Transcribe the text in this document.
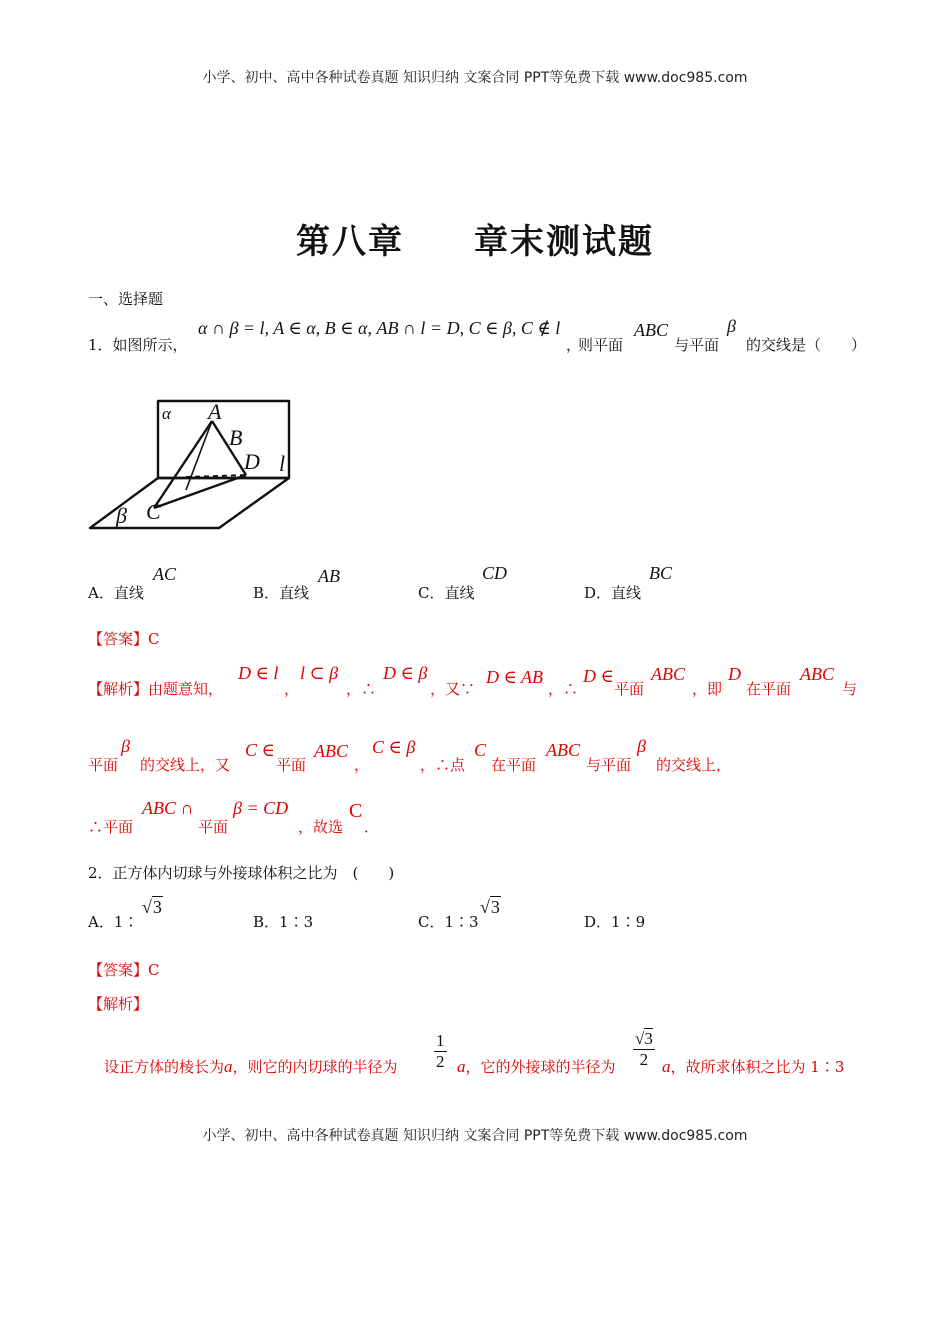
小学、初中、高中各种试卷真题 知识归纳 文案合同 PPT等免费下载 www.doc985.com
第八章 章末测试题
一、选择题
1．如图所示，
α ∩ β = l, A ∈ α, B ∈ α, AB ∩ l = D, C ∈ β, C ∉ l
，
则平面
ABC
与平面
β
的交线是（　　）
α A
B
D l
β C
A．直线
AC
B．直线
AB
C．直线
CD
D．直线
BC
【答案】C
【解析】由题意知，
D ∈ l
，
l ⊂ β
，∴
D ∈ β
，又∵
D ∈ AB
，∴
D ∈
平面
ABC
，即
D
在平面
ABC
与
平面
β
的交线上，又
C ∈
平面
ABC
，
C ∈ β
，∴点
C
在平面
ABC
与平面
β
的交线上，
∴平面
ABC ∩
平面
β = CD
，故选
C
．
2．正方体内切球与外接球体积之比为　(　　)
A．1∶
√3
B．1∶3	C．1∶3
√3
D．1∶9
【答案】C
【解析】
设正方体的棱长为a，则它的内切球的半径为 $\frac{1}{2}$ a，它的外接球的半径为 $\frac{√3}{2}$ a，故所求体积之比为 1∶3
小学、初中、高中各种试卷真题 知识归纳 文案合同 PPT等免费下载 www.doc985.com
